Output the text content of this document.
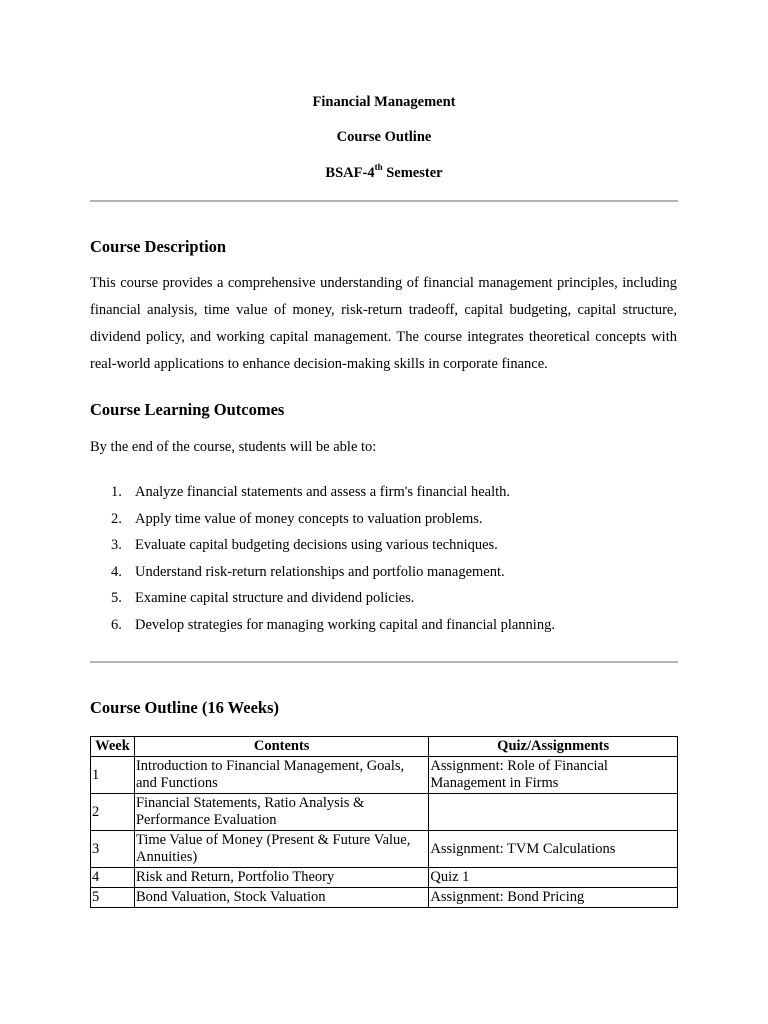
Financial Management
Course Outline
BSAF-4th Semester
Course Description

This course provides a comprehensive understanding of financial management principles, including financial analysis, time value of money, risk-return tradeoff, capital budgeting, capital structure, dividend policy, and working capital management. The course integrates theoretical concepts with real-world applications to enhance decision-making skills in corporate finance.

Course Learning Outcomes

By the end of the course, students will be able to:

1. Analyze financial statements and assess a firm's financial health.
2. Apply time value of money concepts to valuation problems.
3. Evaluate capital budgeting decisions using various techniques.
4. Understand risk-return relationships and portfolio management.
5. Examine capital structure and dividend policies.
6. Develop strategies for managing working capital and financial planning.
Course Outline (16 Weeks)
Week	Contents	Quiz/Assignments
1	Introduction to Financial Management, Goals, and Functions	Assignment: Role of Financial Management in Firms
2	Financial Statements, Ratio Analysis & Performance Evaluation	
3	Time Value of Money (Present & Future Value, Annuities)	Assignment: TVM Calculations
4	Risk and Return, Portfolio Theory	Quiz 1
5	Bond Valuation, Stock Valuation	Assignment: Bond Pricing
